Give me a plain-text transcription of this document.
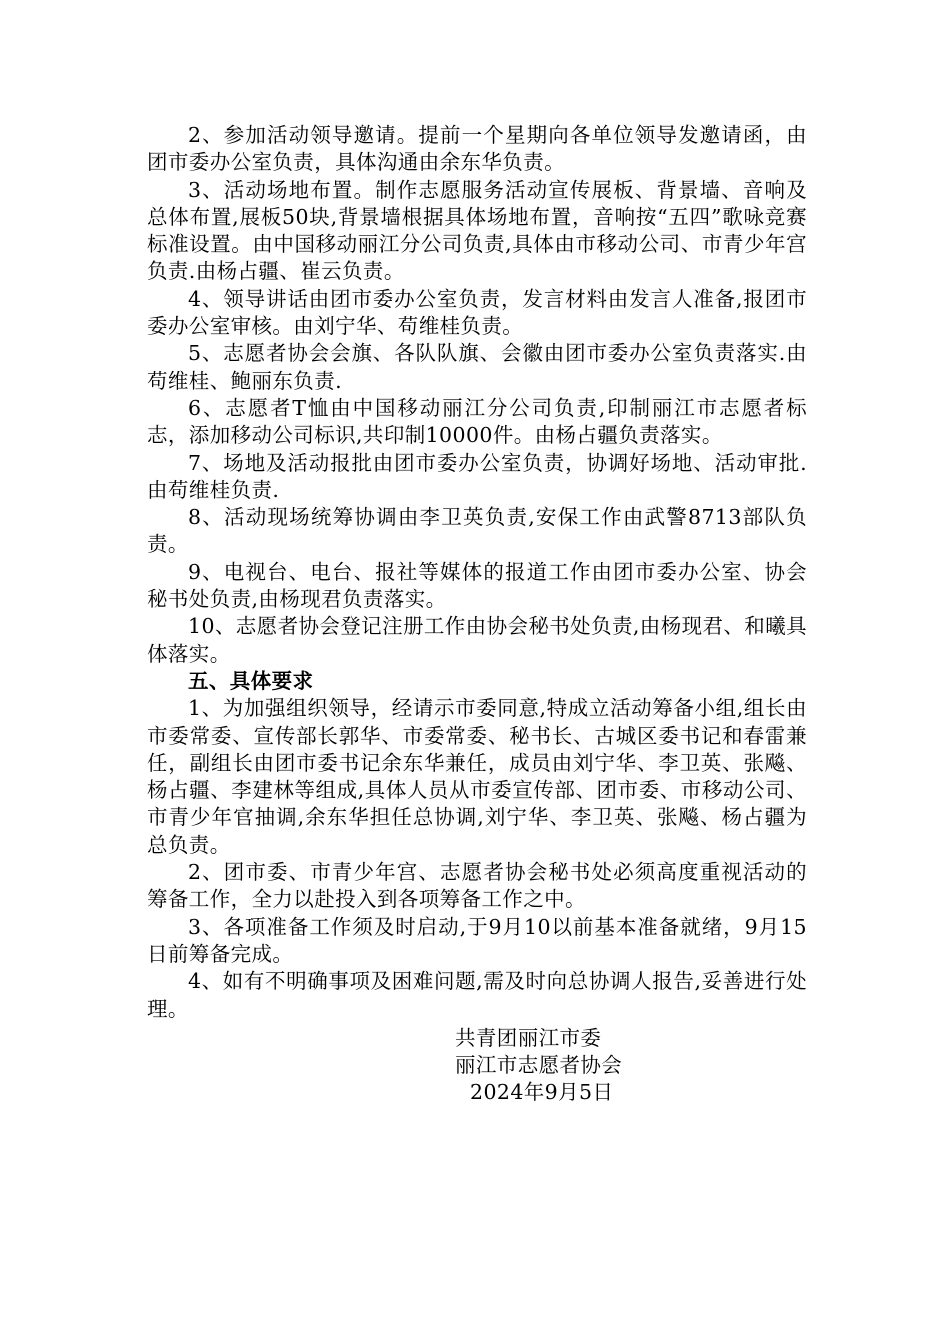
2、参加活动领导邀请。提前一个星期向各单位领导发邀请函，由团市委办公室负责，具体沟通由余东华负责。

3、活动场地布置。制作志愿服务活动宣传展板、背景墙、音响及总体布置,展板50块,背景墙根据具体场地布置，音响按“五四”歌咏竞赛标准设置。由中国移动丽江分公司负责,具体由市移动公司、市青少年宫负责.由杨占疆、崔云负责。

4、领导讲话由团市委办公室负责，发言材料由发言人准备,报团市委办公室审核。由刘宁华、苟维桂负责。

5、志愿者协会会旗、各队队旗、会徽由团市委办公室负责落实.由苟维桂、鲍丽东负责.

6、志愿者T恤由中国移动丽江分公司负责,印制丽江市志愿者标志，添加移动公司标识,共印制10000件。由杨占疆负责落实。

7、场地及活动报批由团市委办公室负责，协调好场地、活动审批.由苟维桂负责.

8、活动现场统筹协调由李卫英负责,安保工作由武警8713部队负责。

9、电视台、电台、报社等媒体的报道工作由团市委办公室、协会秘书处负责,由杨现君负责落实。

10、志愿者协会登记注册工作由协会秘书处负责,由杨现君、和曦具体落实。

五、具体要求

1、为加强组织领导，经请示市委同意,特成立活动筹备小组,组长由市委常委、宣传部长郭华、市委常委、秘书长、古城区委书记和春雷兼任，副组长由团市委书记余东华兼任，成员由刘宁华、李卫英、张飚、杨占疆、李建林等组成,具体人员从市委宣传部、团市委、市移动公司、市青少年官抽调,余东华担任总协调,刘宁华、李卫英、张飚、杨占疆为总负责。

2、团市委、市青少年宫、志愿者协会秘书处必须高度重视活动的筹备工作，全力以赴投入到各项筹备工作之中。

3、各项准备工作须及时启动,于9月10以前基本准备就绪，9月15日前筹备完成。

4、如有不明确事项及困难问题,需及时向总协调人报告,妥善进行处理。

共青团丽江市委
丽江市志愿者协会
2024年9月5日
